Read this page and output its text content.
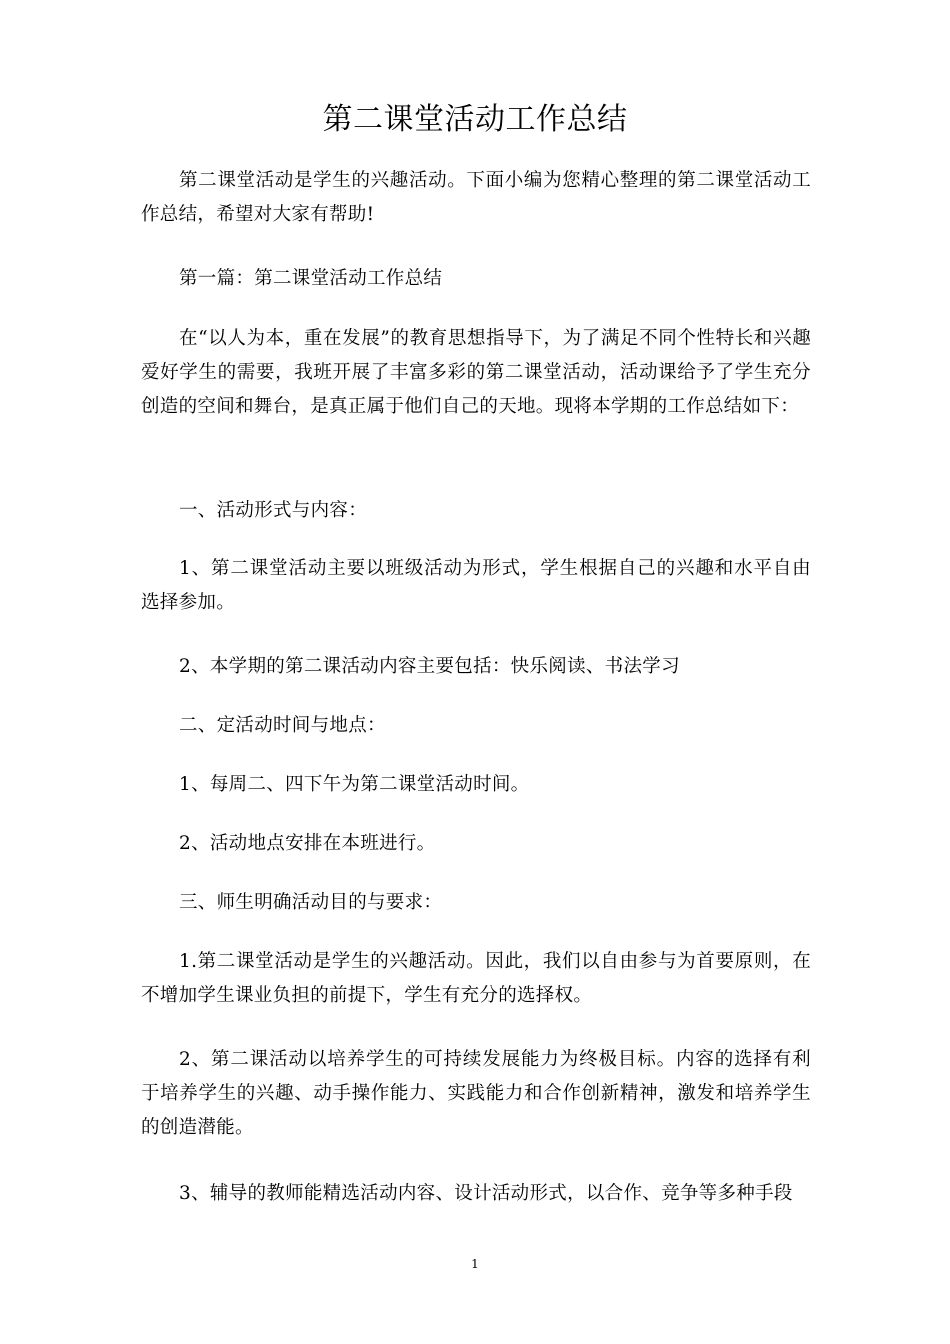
第二课堂活动工作总结

第二课堂活动是学生的兴趣活动。下面小编为您精心整理的第二课堂活动工作总结，希望对大家有帮助!

第一篇：第二课堂活动工作总结

在“以人为本，重在发展”的教育思想指导下，为了满足不同个性特长和兴趣爱好学生的需要，我班开展了丰富多彩的第二课堂活动，活动课给予了学生充分创造的空间和舞台，是真正属于他们自己的天地。现将本学期的工作总结如下：

一、活动形式与内容：

1、第二课堂活动主要以班级活动为形式，学生根据自己的兴趣和水平自由选择参加。

2、本学期的第二课活动内容主要包括：快乐阅读、书法学习

二、定活动时间与地点：

1、每周二、四下午为第二课堂活动时间。

2、活动地点安排在本班进行。

三、师生明确活动目的与要求：

1.第二课堂活动是学生的兴趣活动。因此，我们以自由参与为首要原则，在不增加学生课业负担的前提下，学生有充分的选择权。

2、第二课活动以培养学生的可持续发展能力为终极目标。内容的选择有利于培养学生的兴趣、动手操作能力、实践能力和合作创新精神，激发和培养学生的创造潜能。

3、辅导的教师能精选活动内容、设计活动形式，以合作、竞争等多种手段

1
